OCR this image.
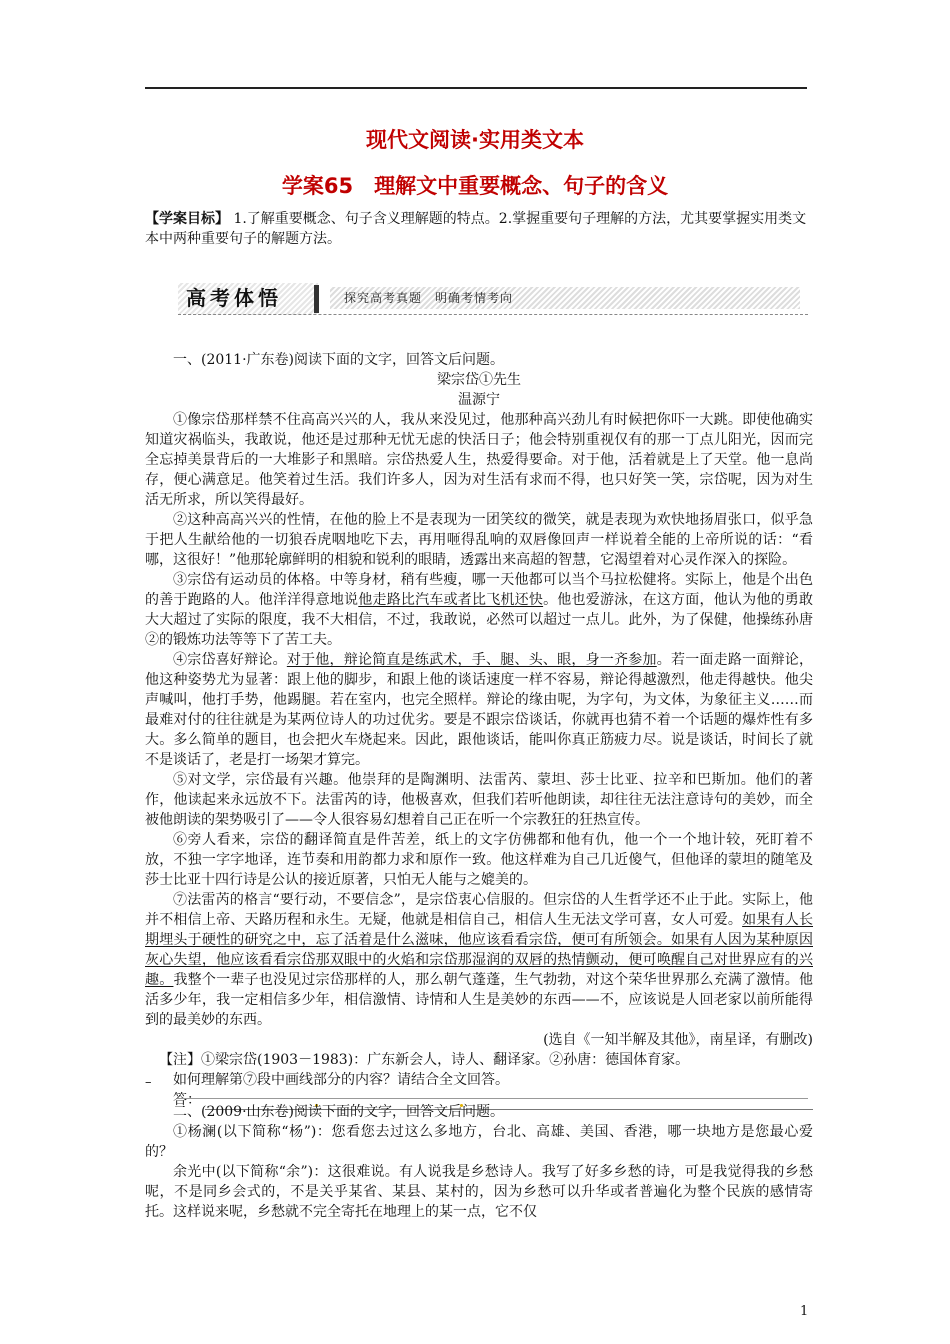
现代文阅读·实用类文本
学案65　理解文中重要概念、句子的含义
【学案目标】 1.了解重要概念、句子含义理解题的特点。2.掌握重要句子理解的方法，尤其要掌握实用类文本中两种重要句子的解题方法。
高考体悟	探究高考真题　明确考情考向

一、(2011·广东卷)阅读下面的文字，回答文后问题。

梁宗岱①先生

温源宁

①像宗岱那样禁不住高高兴兴的人，我从来没见过，他那种高兴劲儿有时候把你吓一大跳。即使他确实知道灾祸临头，我敢说，他还是过那种无忧无虑的快活日子；他会特别重视仅有的那一丁点儿阳光，因而完全忘掉美景背后的一大堆影子和黑暗。宗岱热爱人生，热爱得要命。对于他，活着就是上了天堂。他一息尚存，便心满意足。他笑着过生活。我们许多人，因为对生活有求而不得，也只好笑一笑，宗岱呢，因为对生活无所求，所以笑得最好。

②这种高高兴兴的性情，在他的脸上不是表现为一团笑纹的微笑，就是表现为欢快地扬眉张口，似乎急于把人生献给他的一切狼吞虎咽地吃下去，再用咂得乱响的双唇像回声一样说着全能的上帝所说的话：“看哪，这很好！”他那轮廓鲜明的相貌和锐利的眼睛，透露出来高超的智慧，它渴望着对心灵作深入的探险。

③宗岱有运动员的体格。中等身材，稍有些瘦，哪一天他都可以当个马拉松健将。实际上，他是个出色的善于跑路的人。他洋洋得意地说他走路比汽车或者比飞机还快。他也爱游泳，在这方面，他认为他的勇敢大大超过了实际的限度，我不大相信，不过，我敢说，必然可以超过一点儿。此外，为了保健，他操练孙唐②的锻炼功法等等下了苦工夫。

④宗岱喜好辩论。对于他，辩论简直是练武术，手、腿、头、眼，身一齐参加。若一面走路一面辩论，他这种姿势尤为显著：跟上他的脚步，和跟上他的谈话速度一样不容易，辩论得越激烈，他走得越快。他尖声喊叫，他打手势，他踢腿。若在室内，也完全照样。辩论的缘由呢，为字句，为文体，为象征主义……而最难对付的往往就是为某两位诗人的功过优劣。要是不跟宗岱谈话，你就再也猜不着一个话题的爆炸性有多大。多么简单的题目，也会把火车烧起来。因此，跟他谈话，能叫你真正筋疲力尽。说是谈话，时间长了就不是谈话了，老是打一场架才算完。

⑤对文学，宗岱最有兴趣。他崇拜的是陶渊明、法雷芮、蒙坦、莎士比亚、拉辛和巴斯加。他们的著作，他读起来永远放不下。法雷芮的诗，他极喜欢，但我们若听他朗读，却往往无法注意诗句的美妙，而全被他朗读的架势吸引了——令人很容易幻想着自己正在听一个宗教狂的狂热宣传。

⑥旁人看来，宗岱的翻译简直是件苦差，纸上的文字仿佛都和他有仇，他一个一个地计较，死盯着不放，不独一字字地译，连节奏和用韵都力求和原作一致。他这样难为自己几近傻气，但他译的蒙坦的随笔及莎士比亚十四行诗是公认的接近原著，只怕无人能与之媲美的。

⑦法雷芮的格言“要行动，不要信念”，是宗岱衷心信服的。但宗岱的人生哲学还不止于此。实际上，他并不相信上帝、天路历程和永生。无疑，他就是相信自己，相信人生无法文学可喜，女人可爱。如果有人长期埋头于硬性的研究之中，忘了活着是什么滋味，他应该看看宗岱，便可有所领会。如果有人因为某种原因灰心失望，他应该看看宗岱那双眼中的火焰和宗岱那湿润的双唇的热情颤动，便可唤醒自己对世界应有的兴趣。我整个一辈子也没见过宗岱那样的人，那么朝气蓬蓬，生气勃勃，对这个荣华世界那么充满了激情。他活多少年，我一定相信多少年，相信激情、诗情和人生是美妙的东西——不，应该说是人回老家以前所能得到的最美妙的东西。

(选自《一知半解及其他》，南星译，有删改)

【注】①梁宗岱(1903－1983)：广东新会人，诗人、翻译家。②孙唐：德国体育家。

如何理解第⑦段中画线部分的内容？请结合全文回答。

答：
–

二、(2009·山东卷)阅读下面的文字，回答文后问题。

①杨澜(以下简称“杨”)：您看您去过这么多地方，台北、高雄、美国、香港，哪一块地方是您最心爱的？

余光中(以下简称“余”)：这很难说。有人说我是乡愁诗人。我写了好多乡愁的诗，可是我觉得我的乡愁呢，不是同乡会式的，不是关乎某省、某县、某村的，因为乡愁可以升华或者普遍化为整个民族的感情寄托。这样说来呢，乡愁就不完全寄托在地理上的某一点，它不仅

1
